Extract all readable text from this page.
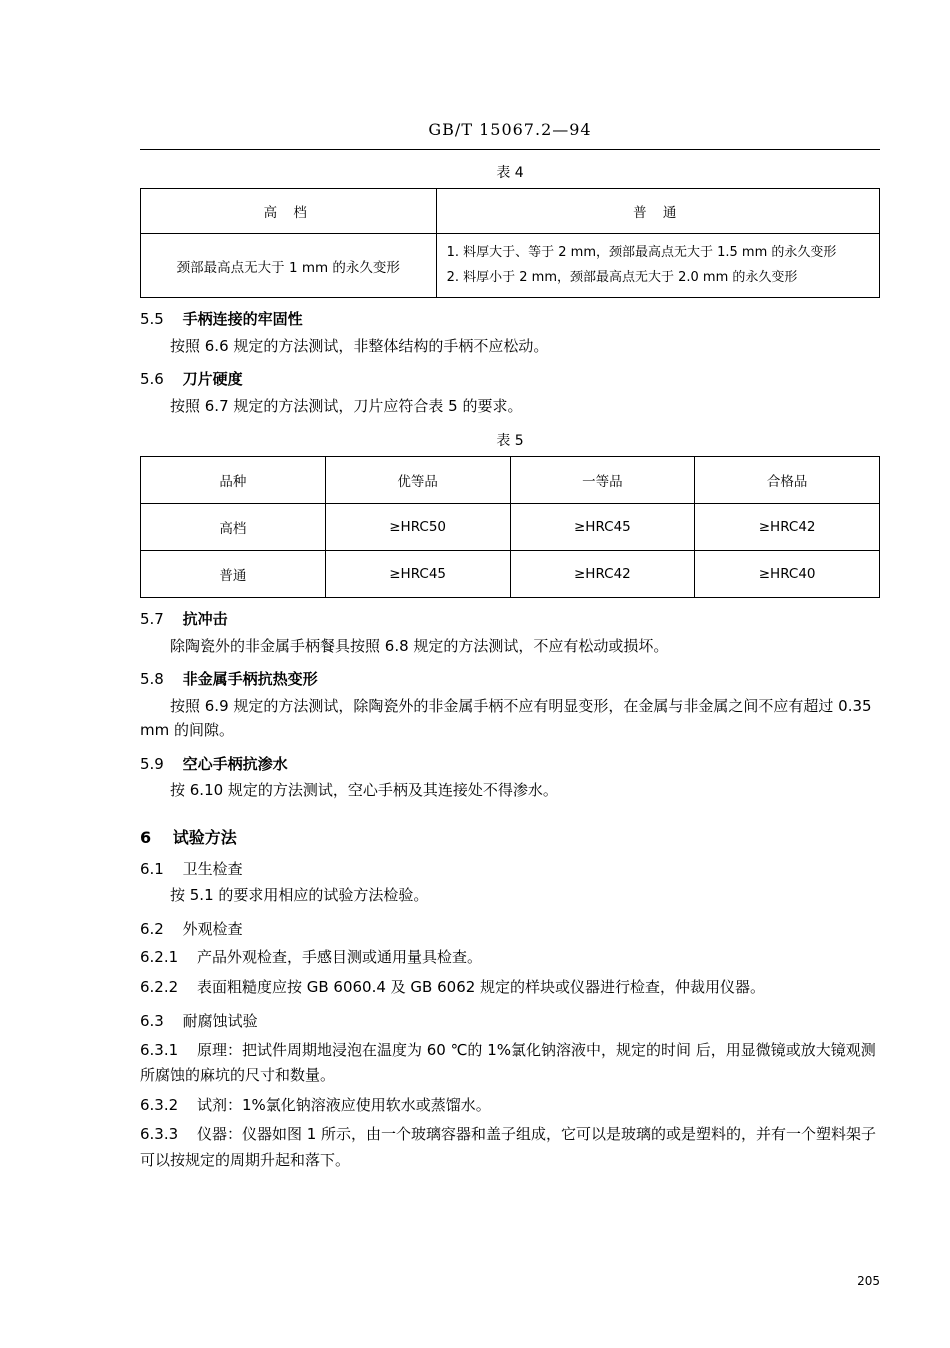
GB/T 15067.2—94
表 4
高 档	普 通
颈部最高点无大于 1 mm 的永久变形	1. 料厚大于、等于 2 mm，颈部最高点无大于 1.5 mm 的永久变形
2. 料厚小于 2 mm，颈部最高点无大于 2.0 mm 的永久变形
5.5 手柄连接的牢固性
按照 6.6 规定的方法测试，非整体结构的手柄不应松动。
5.6 刀片硬度
按照 6.7 规定的方法测试，刀片应符合表 5 的要求。
表 5
品种	优等品	一等品	合格品
高档	≥HRC50	≥HRC45	≥HRC42
普通	≥HRC45	≥HRC42	≥HRC40
5.7 抗冲击
除陶瓷外的非金属手柄餐具按照 6.8 规定的方法测试，不应有松动或损坏。
5.8 非金属手柄抗热变形
按照 6.9 规定的方法测试，除陶瓷外的非金属手柄不应有明显变形，在金属与非金属之间不应有超过 0.35 mm 的间隙。
5.9 空心手柄抗渗水
按 6.10 规定的方法测试，空心手柄及其连接处不得渗水。
6 试验方法
6.1 卫生检查
按 5.1 的要求用相应的试验方法检验。
6.2 外观检查
6.2.1 产品外观检查，手感目测或通用量具检查。
6.2.2 表面粗糙度应按 GB 6060.4 及 GB 6062 规定的样块或仪器进行检查，仲裁用仪器。
6.3 耐腐蚀试验
6.3.1 原理：把试件周期地浸泡在温度为 60 ℃的 1%氯化钠溶液中，规定的时间 后，用显微镜或放大镜观测所腐蚀的麻坑的尺寸和数量。
6.3.2 试剂：1%氯化钠溶液应使用软水或蒸馏水。
6.3.3 仪器：仪器如图 1 所示，由一个玻璃容器和盖子组成，它可以是玻璃的或是塑料的，并有一个塑料架子可以按规定的周期升起和落下。
205
